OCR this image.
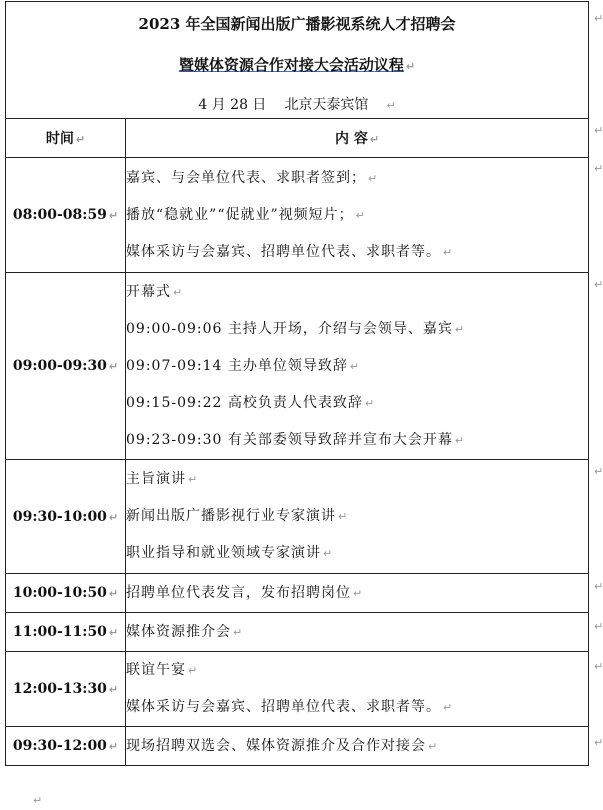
2023 年全国新闻出版广播影视系统人才招聘会
暨媒体资源合作对接大会活动议程 ↵
4 月 28 日 北京天泰宾馆 ↵	

时间 ↵	内 容 ↵
08:00-08:59 ↵	嘉宾、与会单位代表、求职者签到； ↵
播放“稳就业”“促就业”视频短片； ↵
媒体采访与会嘉宾、招聘单位代表、求职者等。 ↵

09:00-09:30 ↵	开幕式 ↵
09:00-09:06 主持人开场，介绍与会领导、嘉宾 ↵
09:07-09:14 主办单位领导致辞 ↵
09:15-09:22 高校负责人代表致辞 ↵
09:23-09:30 有关部委领导致辞并宣布大会开幕 ↵

09:30-10:00 ↵	主旨演讲 ↵
新闻出版广播影视行业专家演讲 ↵
职业指导和就业领域专家演讲 ↵

10:00-10:50 ↵	招聘单位代表发言，发布招聘岗位 ↵

11:00-11:50 ↵	媒体资源推介会 ↵

12:00-13:30 ↵	联谊午宴 ↵
媒体采访与会嘉宾、招聘单位代表、求职者等。 ↵

09:30-12:00 ↵	现场招聘双选会、媒体资源推介及合作对接会 ↵
↵
↵
↵
↵
↵
↵
↵
↵
↵
↵
